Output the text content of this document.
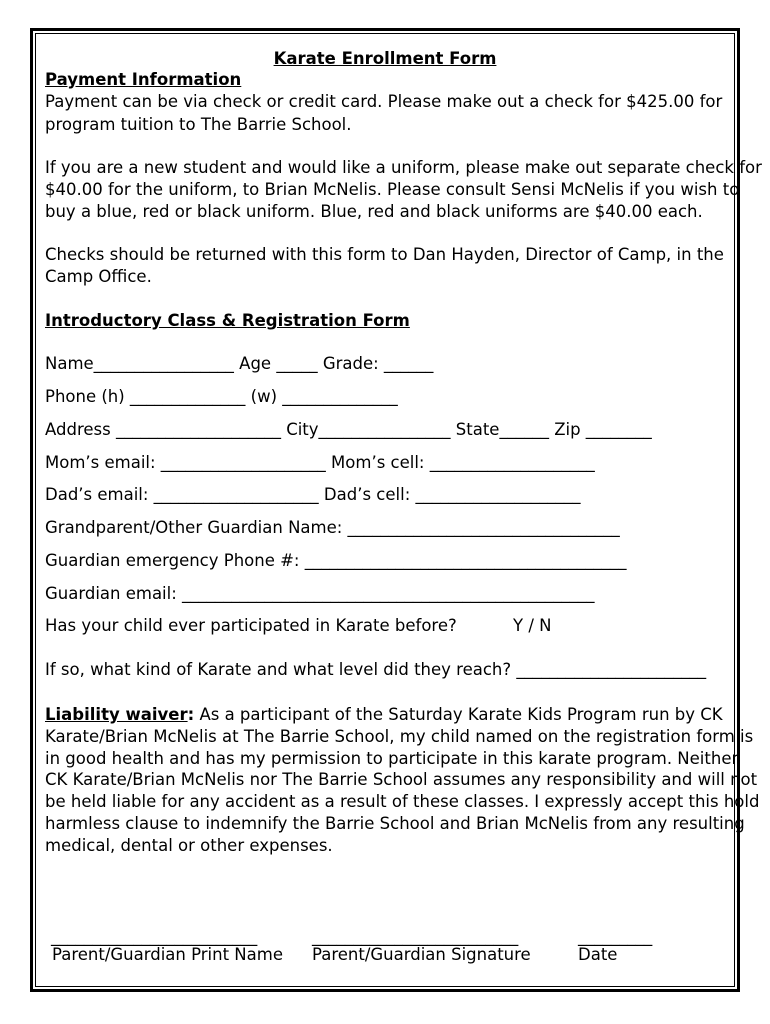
Karate Enrollment Form
Payment Information
Payment can be via check or credit card. Please make out a check for $425.00 for
program tuition to The Barrie School.
If you are a new student and would like a uniform, please make out separate check for
$40.00 for the uniform, to Brian McNelis. Please consult Sensi McNelis if you wish to
buy a blue, red or black uniform. Blue, red and black uniforms are $40.00 each.
Checks should be returned with this form to Dan Hayden, Director of Camp, in the
Camp Office.
Introductory Class & Registration Form
Name_________________ Age _____ Grade: ______
Phone (h) ______________ (w) ______________
Address ____________________ City________________ State______ Zip ________
Mom’s email: ____________________ Mom’s cell: ____________________
Dad’s email: ____________________ Dad’s cell: ____________________
Grandparent/Other Guardian Name: _________________________________
Guardian emergency Phone #: _______________________________________
Guardian email: __________________________________________________
Has your child ever participated in Karate before?	Y / N
If so, what kind of Karate and what level did they reach? _______________________
Liability waiver: As a participant of the Saturday Karate Kids Program run by CK
Karate/Brian McNelis at The Barrie School, my child named on the registration form is
in good health and has my permission to participate in this karate program. Neither
CK Karate/Brian McNelis nor The Barrie School assumes any responsibility and will not
be held liable for any accident as a result of these classes. I expressly accept this hold
harmless clause to indemnify the Barrie School and Brian McNelis from any resulting
medical, dental or other expenses.
_________________________	_________________________	_________
Parent/Guardian Print Name Parent/Guardian Signature	Date
